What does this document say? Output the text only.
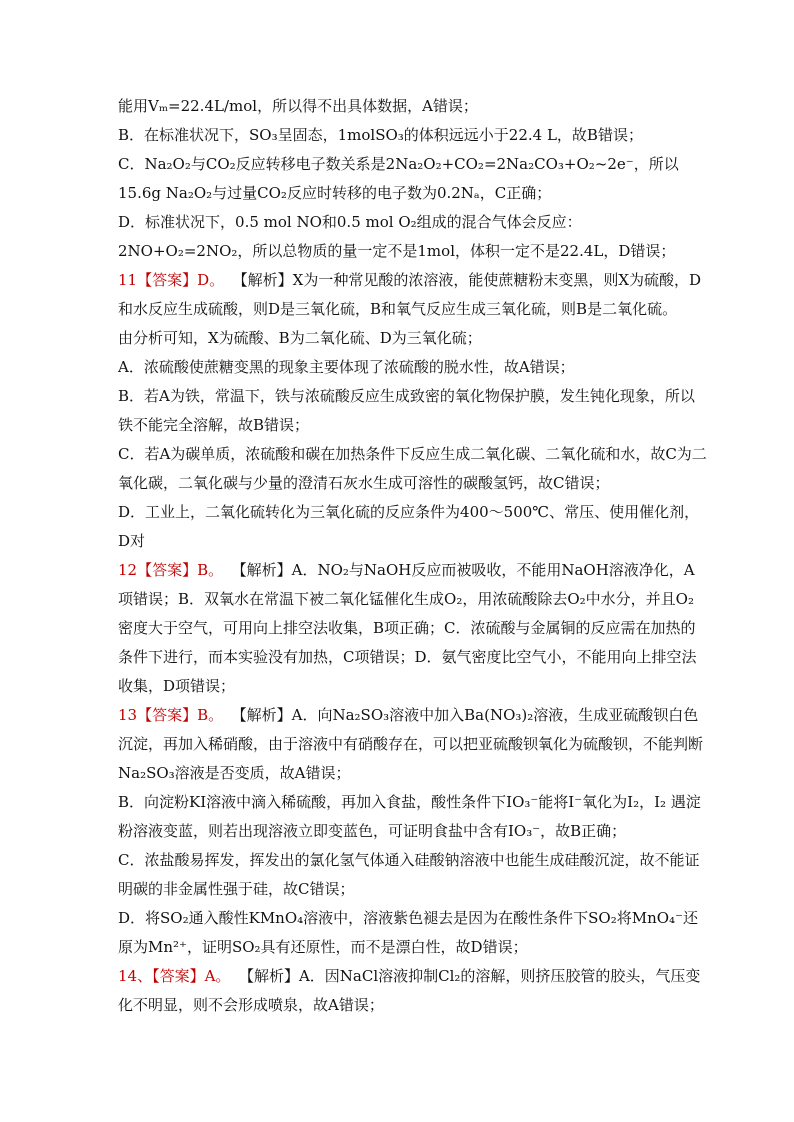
能用Vₘ=22.4L/mol，所以得不出具体数据，A错误；

B．在标准状况下，SO₃呈固态，1molSO₃的体积远远小于22.4 L，故B错误；

C．Na₂O₂与CO₂反应转移电子数关系是2Na₂O₂+CO₂=2Na₂CO₃+O₂~2e⁻，所以15.6g Na₂O₂与过量CO₂反应时转移的电子数为0.2Nₐ，C正确；

D．标准状况下，0.5 mol NO和0.5 mol O₂组成的混合气体会反应：2NO+O₂=2NO₂，所以总物质的量一定不是1mol，体积一定不是22.4L，D错误；

11【答案】D。 【解析】X为一种常见酸的浓溶液，能使蔗糖粉末变黑，则X为硫酸，D和水反应生成硫酸，则D是三氧化硫，B和氧气反应生成三氧化硫，则B是二氧化硫。

由分析可知，X为硫酸、B为二氧化硫、D为三氧化硫；

A．浓硫酸使蔗糖变黑的现象主要体现了浓硫酸的脱水性，故A错误；

B．若A为铁，常温下，铁与浓硫酸反应生成致密的氧化物保护膜，发生钝化现象，所以铁不能完全溶解，故B错误；

C．若A为碳单质，浓硫酸和碳在加热条件下反应生成二氧化碳、二氧化硫和水，故C为二氧化碳，二氧化碳与少量的澄清石灰水生成可溶性的碳酸氢钙，故C错误；

D．工业上，二氧化硫转化为三氧化硫的反应条件为400～500℃、常压、使用催化剂，D对

12【答案】B。 【解析】A．NO₂与NaOH反应而被吸收，不能用NaOH溶液净化，A项错误；B．双氧水在常温下被二氧化锰催化生成O₂，用浓硫酸除去O₂中水分，并且O₂密度大于空气，可用向上排空法收集，B项正确；C．浓硫酸与金属铜的反应需在加热的条件下进行，而本实验没有加热，C项错误；D．氨气密度比空气小，不能用向上排空法收集，D项错误；

13【答案】B。 【解析】A．向Na₂SO₃溶液中加入Ba(NO₃)₂溶液，生成亚硫酸钡白色沉淀，再加入稀硝酸，由于溶液中有硝酸存在，可以把亚硫酸钡氧化为硫酸钡，不能判断Na₂SO₃溶液是否变质，故A错误；

B．向淀粉KI溶液中滴入稀硫酸，再加入食盐，酸性条件下IO₃⁻能将I⁻氧化为I₂，I₂ 遇淀粉溶液变蓝，则若出现溶液立即变蓝色，可证明食盐中含有IO₃⁻，故B正确；

C．浓盐酸易挥发，挥发出的氯化氢气体通入硅酸钠溶液中也能生成硅酸沉淀，故不能证明碳的非金属性强于硅，故C错误；

D．将SO₂通入酸性KMnO₄溶液中，溶液紫色褪去是因为在酸性条件下SO₂将MnO₄⁻还原为Mn²⁺，证明SO₂具有还原性，而不是漂白性，故D错误；

14、【答案】A。 【解析】A．因NaCl溶液抑制Cl₂的溶解，则挤压胶管的胶头，气压变化不明显，则不会形成喷泉，故A错误；
